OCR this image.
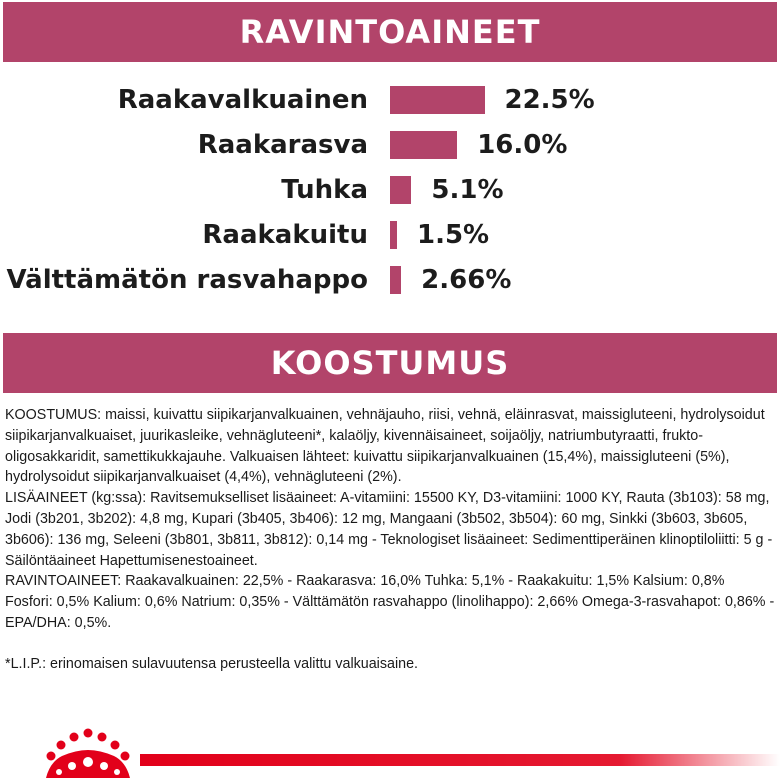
RAVINTOAINEET
Raakavalkuainen	22.5%
Raakarasva	16.0%
Tuhka 5.1%
Raakakuitu 1.5%
Välttämätön rasvahappo 2.66%
KOOSTUMUS

KOOSTUMUS: maissi, kuivattu siipikarjanvalkuainen, vehnäjauho, riisi, vehnä, eläinrasvat, maissigluteeni, hydrolysoidut siipikarjanvalkuaiset, juurikasleike, vehnägluteeni*, kalaöljy, kivennäisaineet, soijaöljy, natriumbutyraatti, frukto-oligosakkaridit, samettikukkajauhe. Valkuaisen lähteet: kuivattu siipikarjanvalkuainen (15,4%), maissigluteeni (5%), hydrolysoidut siipikarjanvalkuaiset (4,4%), vehnägluteeni (2%).

LISÄAINEET (kg:ssa): Ravitsemukselliset lisäaineet: A-vitamiini: 15500 KY, D3-vitamiini: 1000 KY, Rauta (3b103): 58 mg, Jodi (3b201, 3b202): 4,8 mg, Kupari (3b405, 3b406): 12 mg, Mangaani (3b502, 3b504): 60 mg, Sinkki (3b603, 3b605, 3b606): 136 mg, Seleeni (3b801, 3b811, 3b812): 0,14 mg - Teknologiset lisäaineet: Sedimenttiperäinen klinoptiloliitti: 5 g - Säilöntäaineet Hapettumisenestoaineet.

RAVINTOAINEET: Raakavalkuainen: 22,5% - Raakarasva: 16,0% Tuhka: 5,1% - Raakakuitu: 1,5% Kalsium: 0,8% Fosfori: 0,5% Kalium: 0,6% Natrium: 0,35% - Välttämätön rasvahappo (linolihappo): 2,66% Omega-3-rasvahapot: 0,86% - EPA/DHA: 0,5%.

*L.I.P.: erinomaisen sulavuutensa perusteella valittu valkuaisaine.
